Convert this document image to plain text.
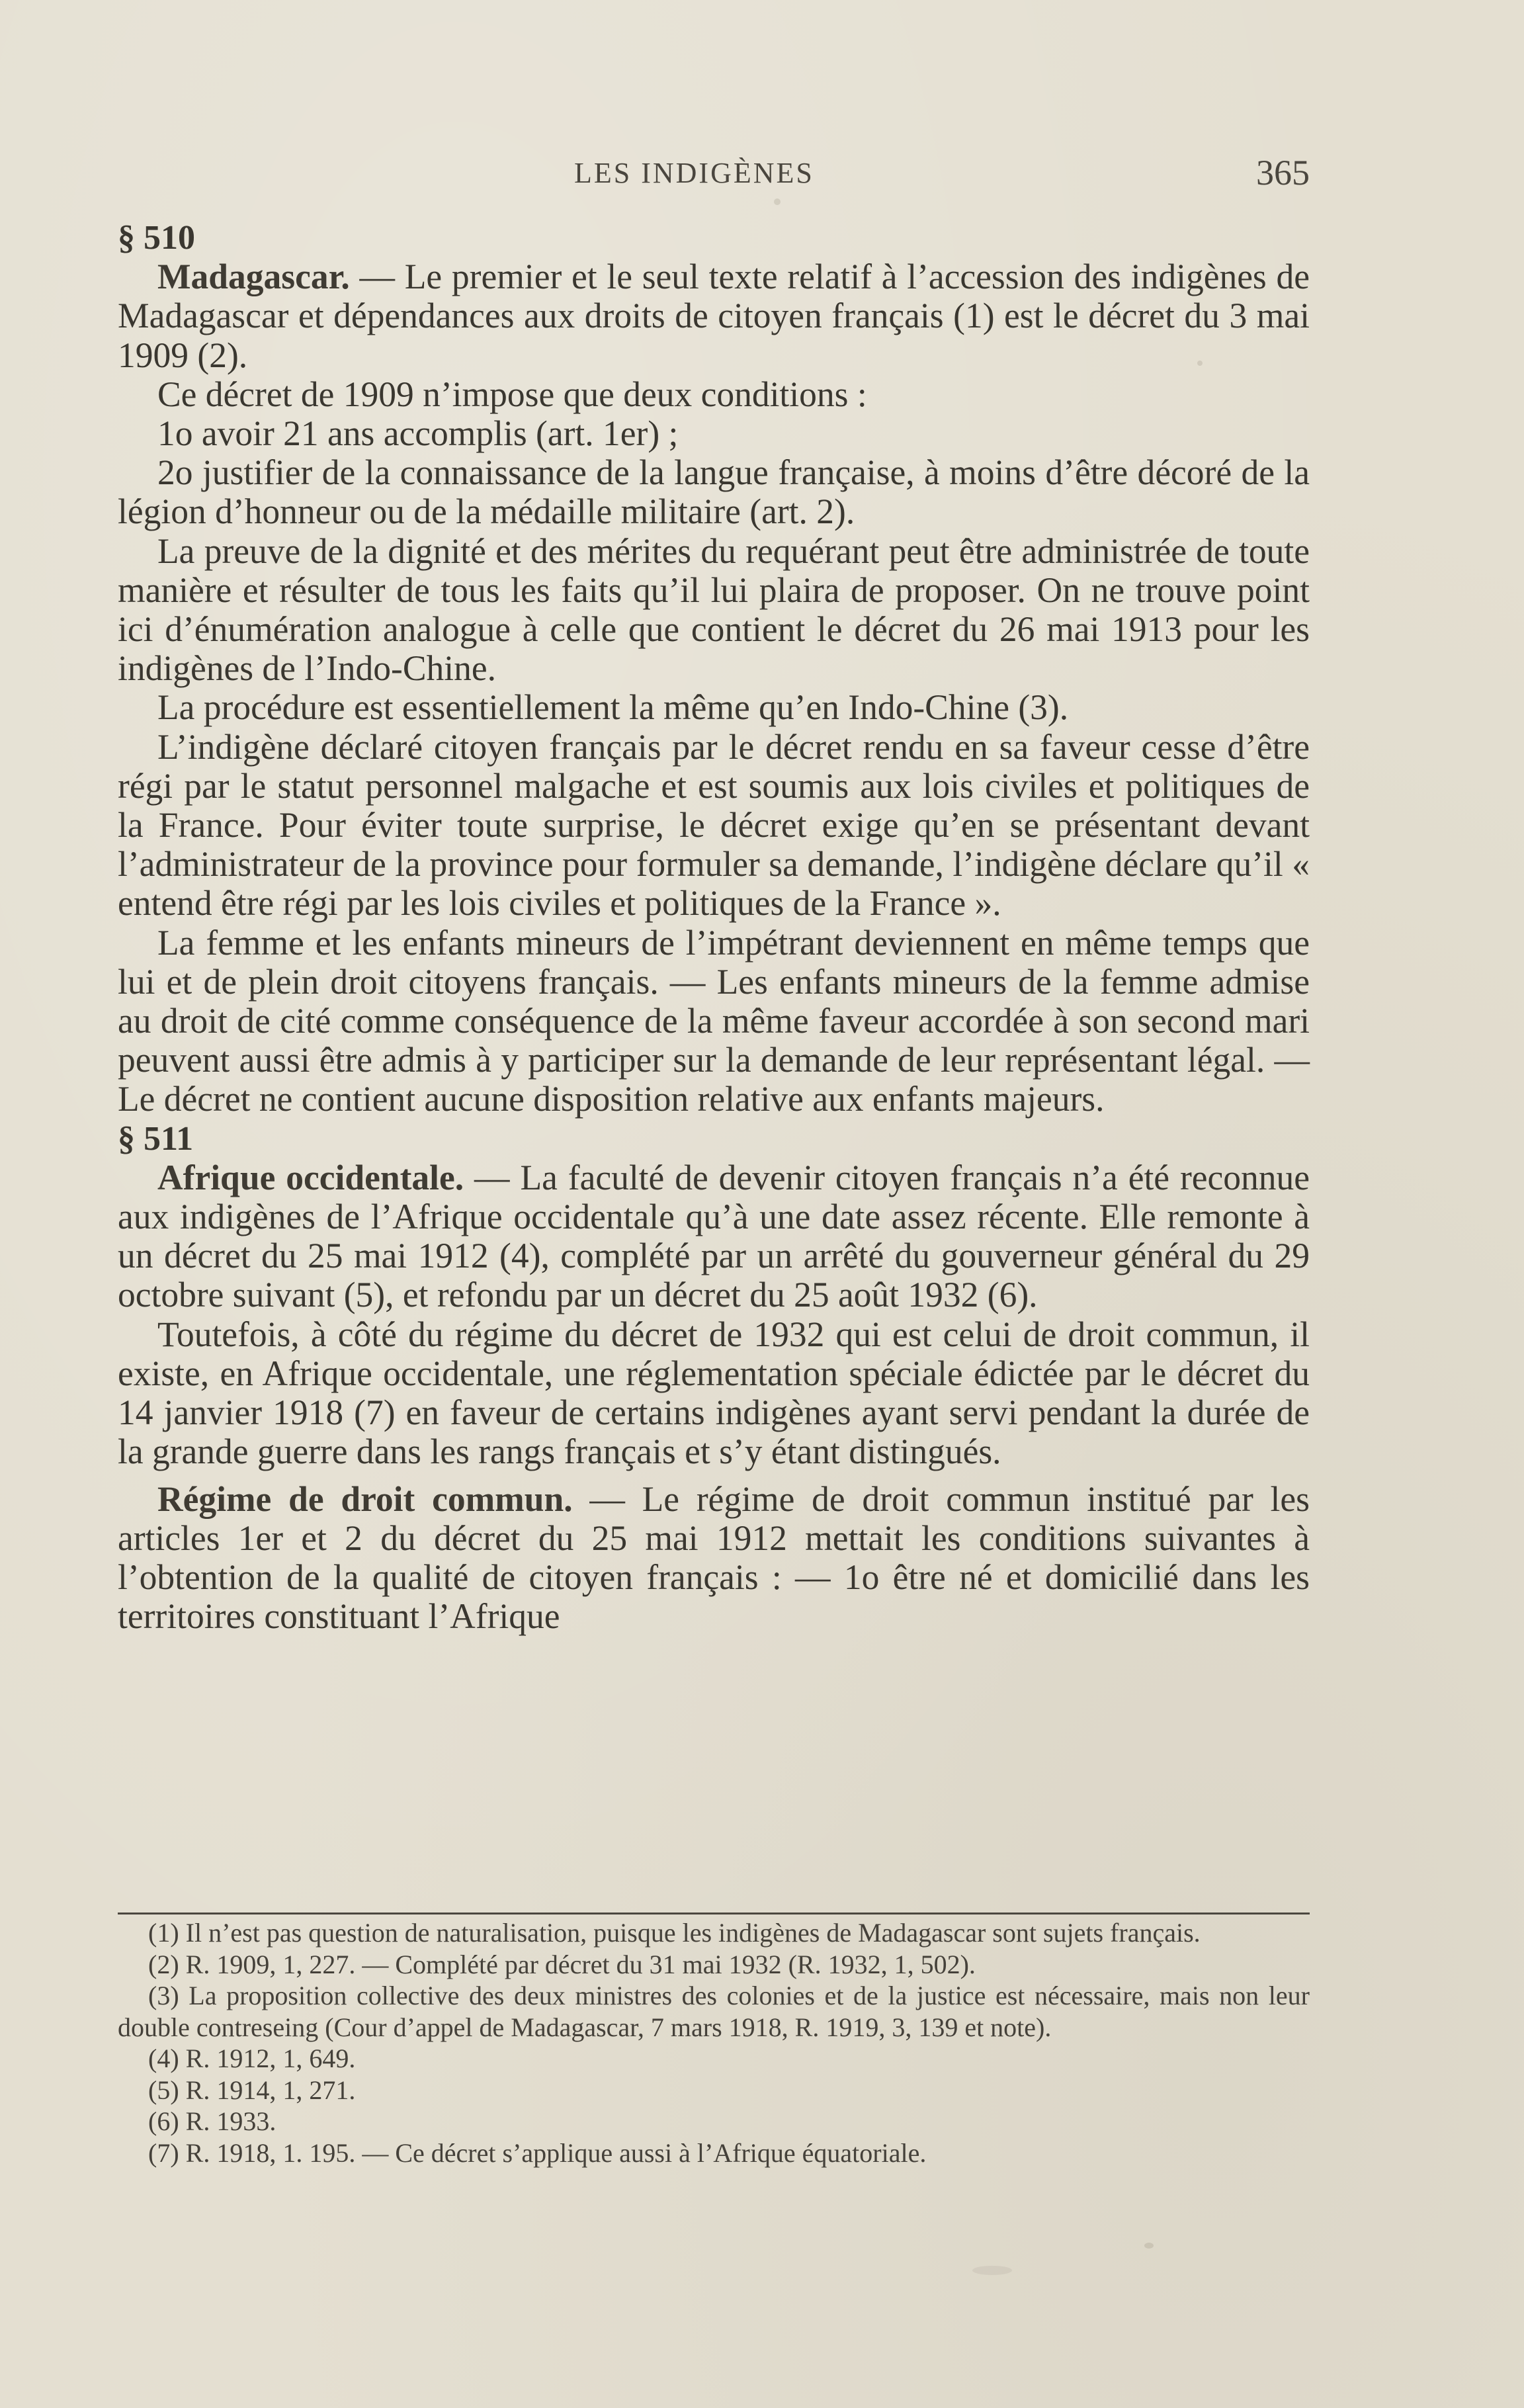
LES INDIGÈNES	365

§ 510

Madagascar. — Le premier et le seul texte relatif à l’accession des indigènes de Madagascar et dépendances aux droits de citoyen français (1) est le décret du 3 mai 1909 (2).

Ce décret de 1909 n’impose que deux conditions :

1o avoir 21 ans accomplis (art. 1er) ;

2o justifier de la connaissance de la langue française, à moins d’être décoré de la légion d’honneur ou de la médaille militaire (art. 2).

La preuve de la dignité et des mérites du requérant peut être administrée de toute manière et résulter de tous les faits qu’il lui plaira de proposer. On ne trouve point ici d’énumération analogue à celle que contient le décret du 26 mai 1913 pour les indigènes de l’Indo-Chine.

La procédure est essentiellement la même qu’en Indo-Chine (3).

L’indigène déclaré citoyen français par le décret rendu en sa faveur cesse d’être régi par le statut personnel malgache et est soumis aux lois civiles et politiques de la France. Pour éviter toute surprise, le décret exige qu’en se présentant devant l’administrateur de la province pour formuler sa demande, l’indigène déclare qu’il « entend être régi par les lois civiles et politiques de la France ».

La femme et les enfants mineurs de l’impétrant deviennent en même temps que lui et de plein droit citoyens français. — Les enfants mineurs de la femme admise au droit de cité comme conséquence de la même faveur accordée à son second mari peuvent aussi être admis à y participer sur la demande de leur représentant légal. — Le décret ne contient aucune disposition relative aux enfants majeurs.

§ 511

Afrique occidentale. — La faculté de devenir citoyen français n’a été reconnue aux indigènes de l’Afrique occidentale qu’à une date assez récente. Elle remonte à un décret du 25 mai 1912 (4), complété par un arrêté du gouverneur général du 29 octobre suivant (5), et refondu par un décret du 25 août 1932 (6).

Toutefois, à côté du régime du décret de 1932 qui est celui de droit commun, il existe, en Afrique occidentale, une réglementation spéciale édictée par le décret du 14 janvier 1918 (7) en faveur de certains indigènes ayant servi pendant la durée de la grande guerre dans les rangs français et s’y étant distingués.

Régime de droit commun. — Le régime de droit commun institué par les articles 1er et 2 du décret du 25 mai 1912 mettait les conditions suivantes à l’obtention de la qualité de citoyen français : — 1o être né et domicilié dans les territoires constituant l’Afrique

(1) Il n’est pas question de naturalisation, puisque les indigènes de Madagascar sont sujets français.

(2) R. 1909, 1, 227. — Complété par décret du 31 mai 1932 (R. 1932, 1, 502).

(3) La proposition collective des deux ministres des colonies et de la justice est nécessaire, mais non leur double contreseing (Cour d’appel de Madagascar, 7 mars 1918, R. 1919, 3, 139 et note).

(4) R. 1912, 1, 649.

(5) R. 1914, 1, 271.

(6) R. 1933.

(7) R. 1918, 1. 195. — Ce décret s’applique aussi à l’Afrique équatoriale.
